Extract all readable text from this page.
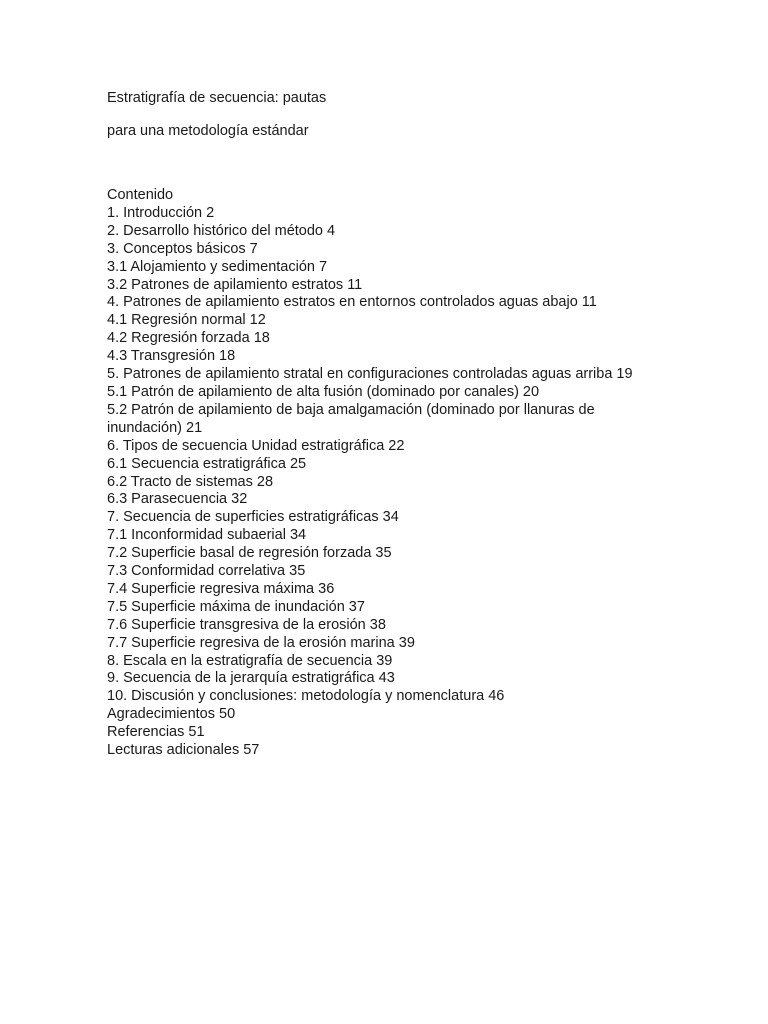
Estratigrafía de secuencia: pautas

para una metodología estándar

Contenido

1. Introducción 2
2. Desarrollo histórico del método 4
3. Conceptos básicos 7
3.1 Alojamiento y sedimentación 7
3.2 Patrones de apilamiento estratos 11
4. Patrones de apilamiento estratos en entornos controlados aguas abajo 11
4.1 Regresión normal 12
4.2 Regresión forzada 18
4.3 Transgresión 18
5. Patrones de apilamiento stratal en configuraciones controladas aguas arriba 19
5.1 Patrón de apilamiento de alta fusión (dominado por canales) 20
5.2 Patrón de apilamiento de baja amalgamación (dominado por llanuras de inundación) 21
6. Tipos de secuencia Unidad estratigráfica 22
6.1 Secuencia estratigráfica 25
6.2 Tracto de sistemas 28
6.3 Parasecuencia 32
7. Secuencia de superficies estratigráficas 34
7.1 Inconformidad subaerial 34
7.2 Superficie basal de regresión forzada 35
7.3 Conformidad correlativa 35
7.4 Superficie regresiva máxima 36
7.5 Superficie máxima de inundación 37
7.6 Superficie transgresiva de la erosión 38
7.7 Superficie regresiva de la erosión marina 39
8. Escala en la estratigrafía de secuencia 39
9. Secuencia de la jerarquía estratigráfica 43
10. Discusión y conclusiones: metodología y nomenclatura 46
Agradecimientos 50
Referencias 51
Lecturas adicionales 57
